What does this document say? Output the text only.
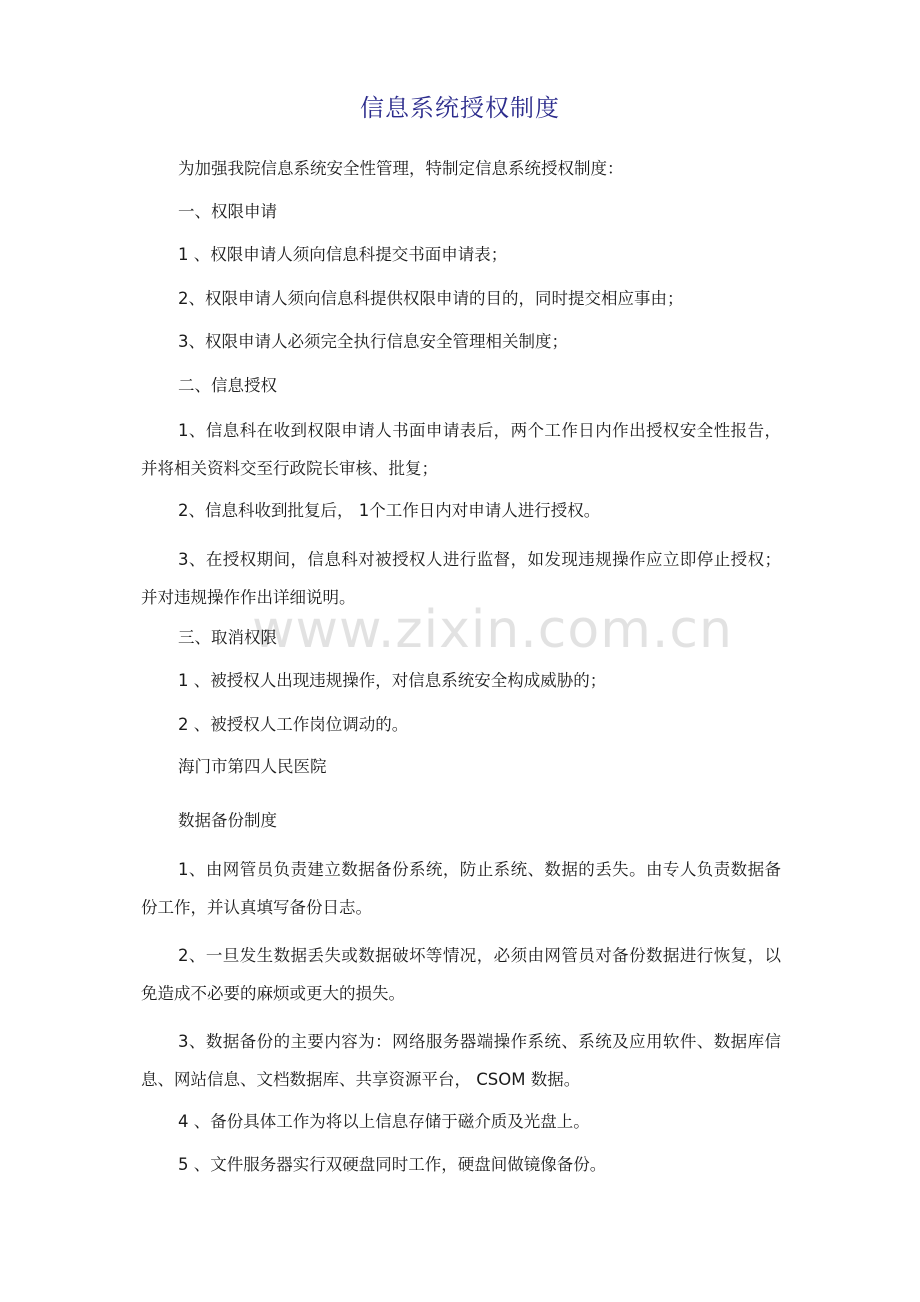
www.zixin.com.cn
信息系统授权制度

为加强我院信息系统安全性管理，特制定信息系统授权制度：

一、权限申请

1 、权限申请人须向信息科提交书面申请表；

2、权限申请人须向信息科提供权限申请的目的，同时提交相应事由；

3、权限申请人必须完全执行信息安全管理相关制度；

二、信息授权

1、信息科在收到权限申请人书面申请表后，两个工作日内作出授权安全性报告，并将相关资料交至行政院长审核、批复；

2、信息科收到批复后， 1个工作日内对申请人进行授权。

3、在授权期间，信息科对被授权人进行监督，如发现违规操作应立即停止授权；并对违规操作作出详细说明。

三、取消权限

1 、被授权人出现违规操作，对信息系统安全构成威胁的；

2 、被授权人工作岗位调动的。

海门市第四人民医院

数据备份制度

1、由网管员负责建立数据备份系统，防止系统、数据的丢失。由专人负责数据备份工作，并认真填写备份日志。

2、一旦发生数据丢失或数据破坏等情况，必须由网管员对备份数据进行恢复，以免造成不必要的麻烦或更大的损失。

3、数据备份的主要内容为：网络服务器端操作系统、系统及应用软件、数据库信息、网站信息、文档数据库、共享资源平台， CSOM 数据。

4 、备份具体工作为将以上信息存储于磁介质及光盘上。

5 、文件服务器实行双硬盘同时工作，硬盘间做镜像备份。
